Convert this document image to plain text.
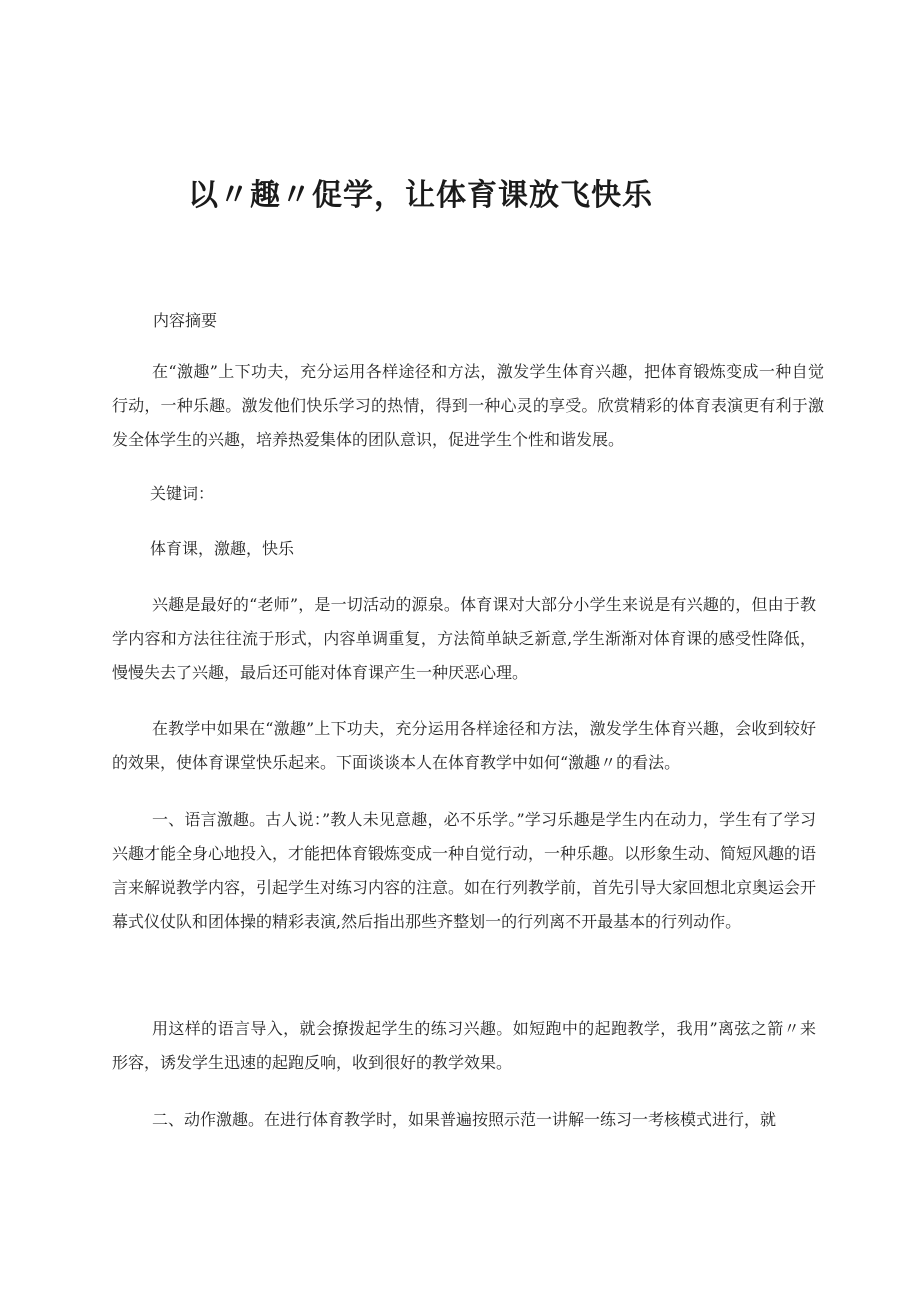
以〃趣〃促学，让体育课放飞快乐
内容摘要
在“激趣”上下功夫，充分运用各样途径和方法，激发学生体育兴趣，把体育锻炼变成一种自觉行动，一种乐趣。激发他们快乐学习的热情，得到一种心灵的享受。欣赏精彩的体育表演更有利于激发全体学生的兴趣，培养热爱集体的团队意识，促进学生个性和谐发展。
关键词：
体育课，激趣，快乐
兴趣是最好的“老师”，是一切活动的源泉。体育课对大部分小学生来说是有兴趣的，但由于教学内容和方法往往流于形式，内容单调重复，方法简单缺乏新意,学生渐渐对体育课的感受性降低，慢慢失去了兴趣，最后还可能对体育课产生一种厌恶心理。
在教学中如果在“激趣”上下功夫，充分运用各样途径和方法，激发学生体育兴趣，会收到较好的效果，使体育课堂快乐起来。下面谈谈本人在体育教学中如何“激趣〃的看法。
一、语言激趣。古人说：”教人未见意趣，必不乐学。”学习乐趣是学生内在动力，学生有了学习兴趣才能全身心地投入，才能把体育锻炼变成一种自觉行动，一种乐趣。以形象生动、简短风趣的语言来解说教学内容，引起学生对练习内容的注意。如在行列教学前，首先引导大家回想北京奥运会开幕式仪仗队和团体操的精彩表演,然后指出那些齐整划一的行列离不开最基本的行列动作。
用这样的语言导入，就会撩拨起学生的练习兴趣。如短跑中的起跑教学，我用”离弦之箭〃来形容，诱发学生迅速的起跑反响，收到很好的教学效果。
二、动作激趣。在进行体育教学时，如果普遍按照示范一讲解一练习一考核模式进行，就
